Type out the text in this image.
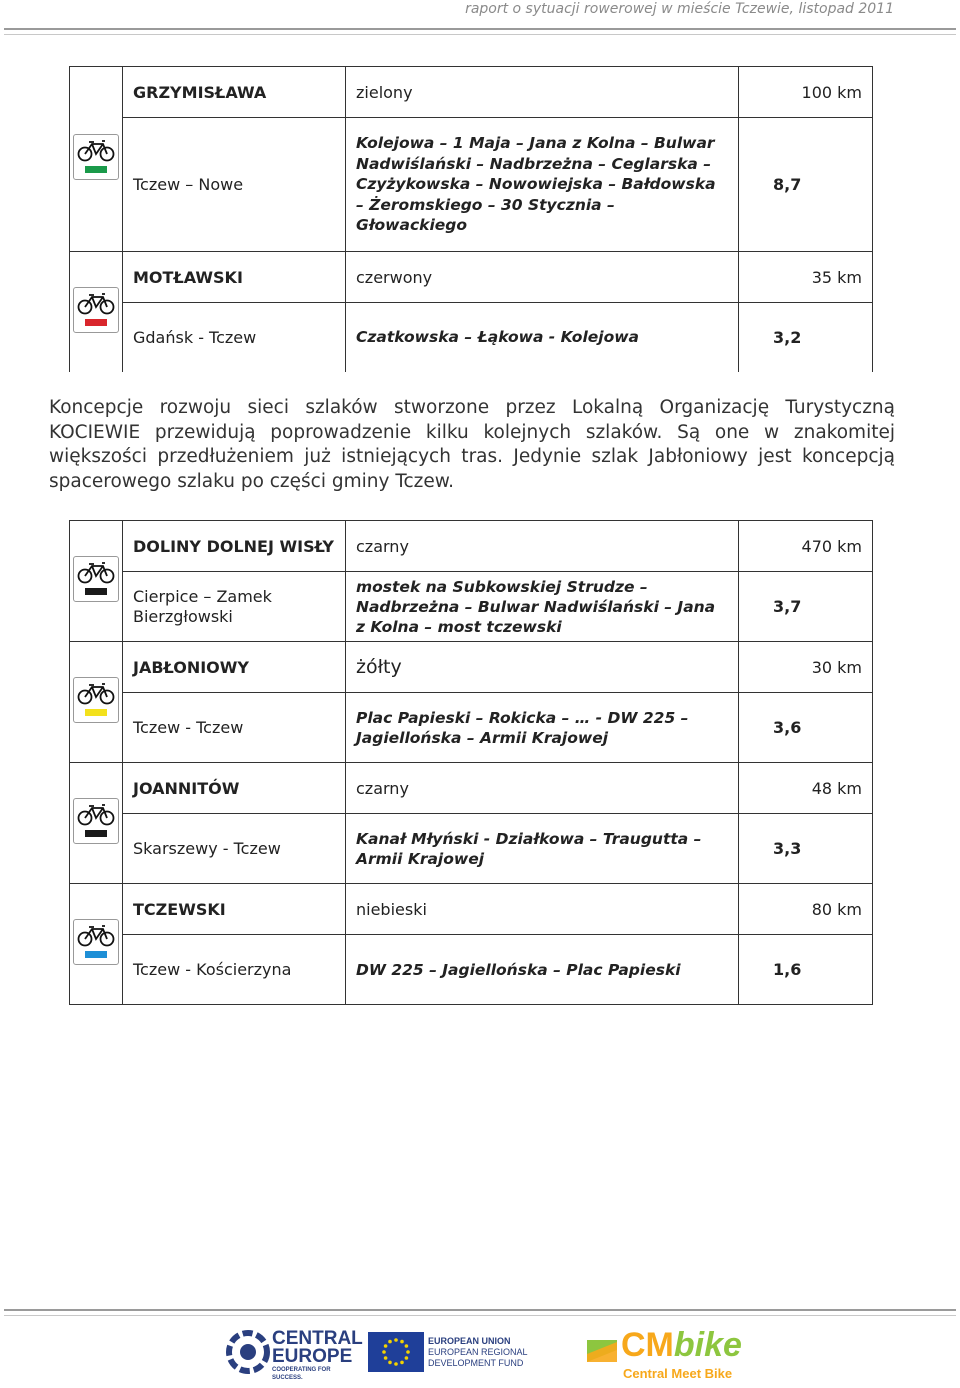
raport o sytuacji rowerowej w mieście Tczewie, listopad 2011
	GRZYMISŁAWA	zielony	100 km
	Tczew – Nowe	Kolejowa – 1 Maja – Jana z Kolna – Bulwar Nadwiślański – Nadbrzeżna – Ceglarska – Czyżykowska – Nowowiejska – Bałdowska – Żeromskiego – 30 Stycznia – Głowackiego	8,7

	MOTŁAWSKI	czerwony	35 km
	Gdańsk - Tczew	Czatkowska – Łąkowa - Kolejowa	3,2
Koncepcje rozwoju sieci szlaków stworzone przez Lokalną Organizację Turystyczną KOCIEWIE przewidują poprowadzenie kilku kolejnych szlaków. Są one w znakomitej większości przedłużeniem już istniejących tras. Jedynie szlak Jabłoniowy jest koncepcją spacerowego szlaku po części gminy Tczew.
	DOLINY DOLNEJ WISŁY	czarny	470 km
	Cierpice – Zamek Bierzgłowski	mostek na Subkowskiej Strudze – Nadbrzeżna – Bulwar Nadwiślański – Jana z Kolna – most tczewski	3,7

	JABŁONIOWY	żółty	30 km
	Tczew - Tczew	Plac Papieski – Rokicka – … - DW 225 – Jagiellońska – Armii Krajowej	3,6

	JOANNITÓW	czarny	48 km
	Skarszewy - Tczew	Kanał Młyński - Działkowa – Traugutta – Armii Krajowej	3,3

	TCZEWSKI	niebieski	80 km
	Tczew - Kościerzyna	DW 225 – Jagiellońska – Plac Papieski	1,6
CENTRAL
EUROPE
COOPERATING FOR SUCCESS.
EUROPEAN UNION
EUROPEAN REGIONAL
DEVELOPMENT FUND	CMbike
Central Meet Bike
